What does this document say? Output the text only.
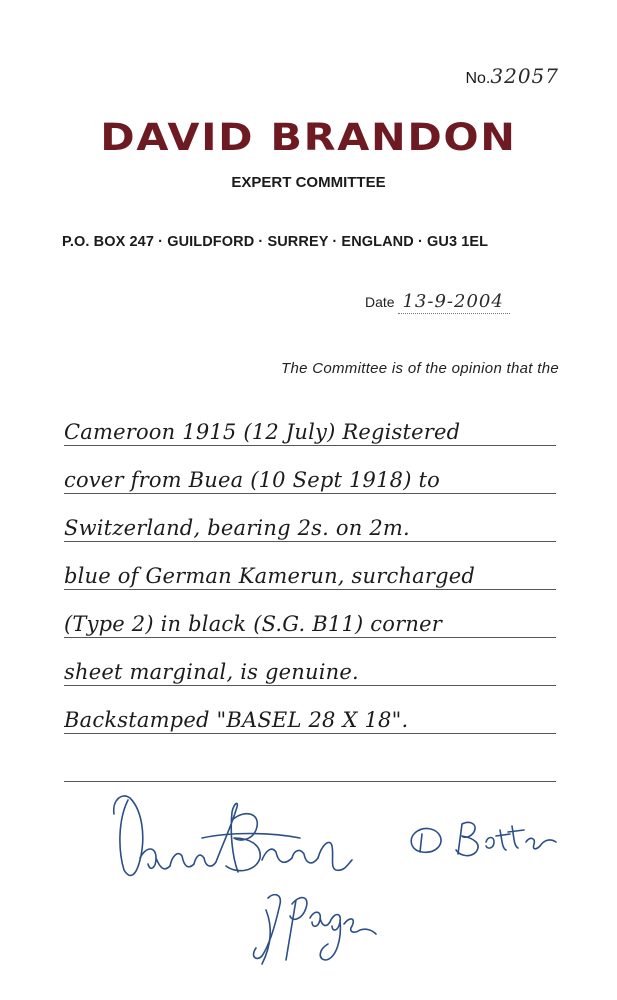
No.32057
DAVID BRANDON
EXPERT COMMITTEE
P.O. BOX 247 · GUILDFORD · SURREY · ENGLAND · GU3 1EL
Date 13-9-2004
The Committee is of the opinion that the
Cameroon 1915 (12 July) Registered
cover from Buea (10 Sept 1918) to
Switzerland, bearing 2s. on 2m.
blue of German Kamerun, surcharged
(Type 2) in black (S.G. B11) corner
sheet marginal, is genuine.
Backstamped "BASEL 28 X 18".
